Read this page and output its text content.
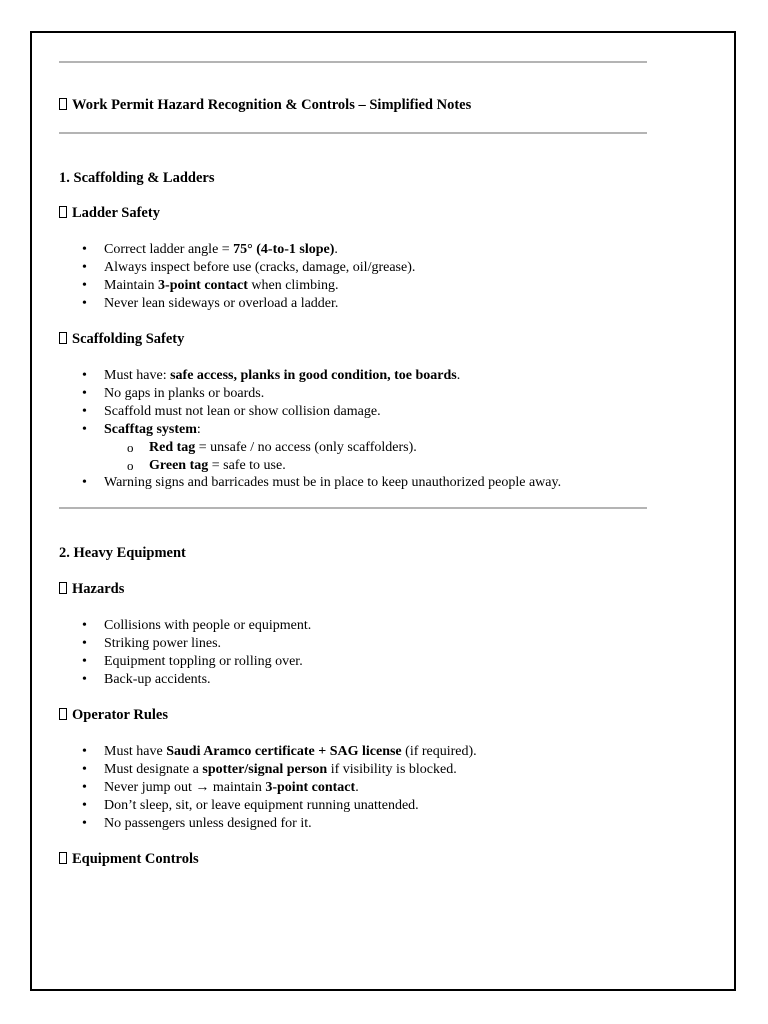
Work Permit Hazard Recognition & Controls – Simplified Notes
1. Scaffolding & Ladders
Ladder Safety
• Correct ladder angle = 75° (4-to-1 slope).
• Always inspect before use (cracks, damage, oil/grease).
• Maintain 3-point contact when climbing.
• Never lean sideways or overload a ladder.
Scaffolding Safety
• Must have: safe access, planks in good condition, toe boards.
• No gaps in planks or boards.
• Scaffold must not lean or show collision damage.
• Scafftag system:
o Red tag = unsafe / no access (only scaffolders).
o Green tag = safe to use.
• Warning signs and barricades must be in place to keep unauthorized people away.
2. Heavy Equipment
Hazards
• Collisions with people or equipment.
• Striking power lines.
• Equipment toppling or rolling over.
• Back-up accidents.
Operator Rules
• Must have Saudi Aramco certificate + SAG license (if required).
• Must designate a spotter/signal person if visibility is blocked.
• Never jump out → maintain 3-point contact.
• Don’t sleep, sit, or leave equipment running unattended.
• No passengers unless designed for it.
Equipment Controls
